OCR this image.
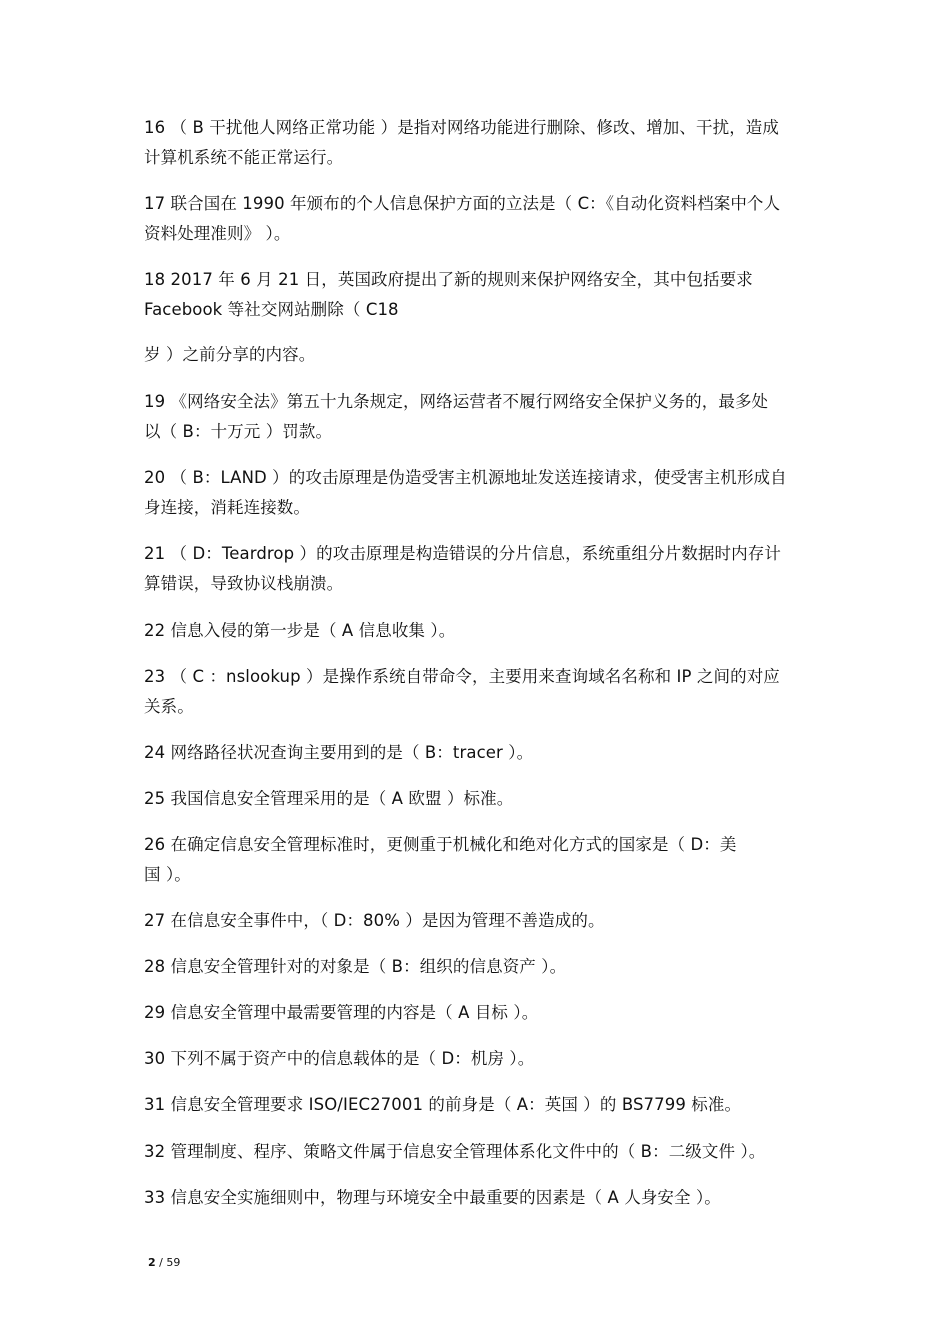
16 （ B 干扰他人网络正常功能 ）是指对网络功能进行删除、修改、增加、干扰，造成
计算机系统不能正常运行。
17 联合国在 1990 年颁布的个人信息保护方面的立法是（ C：《自动化资料档案中个人
资料处理准则》 ）。
18 2017 年 6 月 21 日，英国政府提出了新的规则来保护网络安全，其中包括要求
Facebook 等社交网站删除（ C18
岁 ）之前分享的内容。
19 《网络安全法》第五十九条规定，网络运营者不履行网络安全保护义务的，最多处
以（ B：十万元 ）罚款。
20 （ B：LAND ）的攻击原理是伪造受害主机源地址发送连接请求，使受害主机形成自
身连接，消耗连接数。
21 （ D：Teardrop ）的攻击原理是构造错误的分片信息，系统重组分片数据时内存计
算错误，导致协议栈崩溃。
22 信息入侵的第一步是（ A 信息收集 ）。
23 （ C ：nslookup ）是操作系统自带命令，主要用来查询域名名称和 IP 之间的对应
关系。
24 网络路径状况查询主要用到的是（ B：tracer ）。
25 我国信息安全管理采用的是（ A 欧盟 ）标准。
26 在确定信息安全管理标准时，更侧重于机械化和绝对化方式的国家是（ D：美
国 ）。
27 在信息安全事件中，（ D：80% ）是因为管理不善造成的。
28 信息安全管理针对的对象是（ B：组织的信息资产 ）。
29 信息安全管理中最需要管理的内容是（ A 目标 ）。
30 下列不属于资产中的信息载体的是（ D：机房 ）。
31 信息安全管理要求 ISO/IEC27001 的前身是（ A：英国 ）的 BS7799 标准。
32 管理制度、程序、策略文件属于信息安全管理体系化文件中的（ B：二级文件 ）。
33 信息安全实施细则中，物理与环境安全中最重要的因素是（ A 人身安全 ）。
2 / 59
